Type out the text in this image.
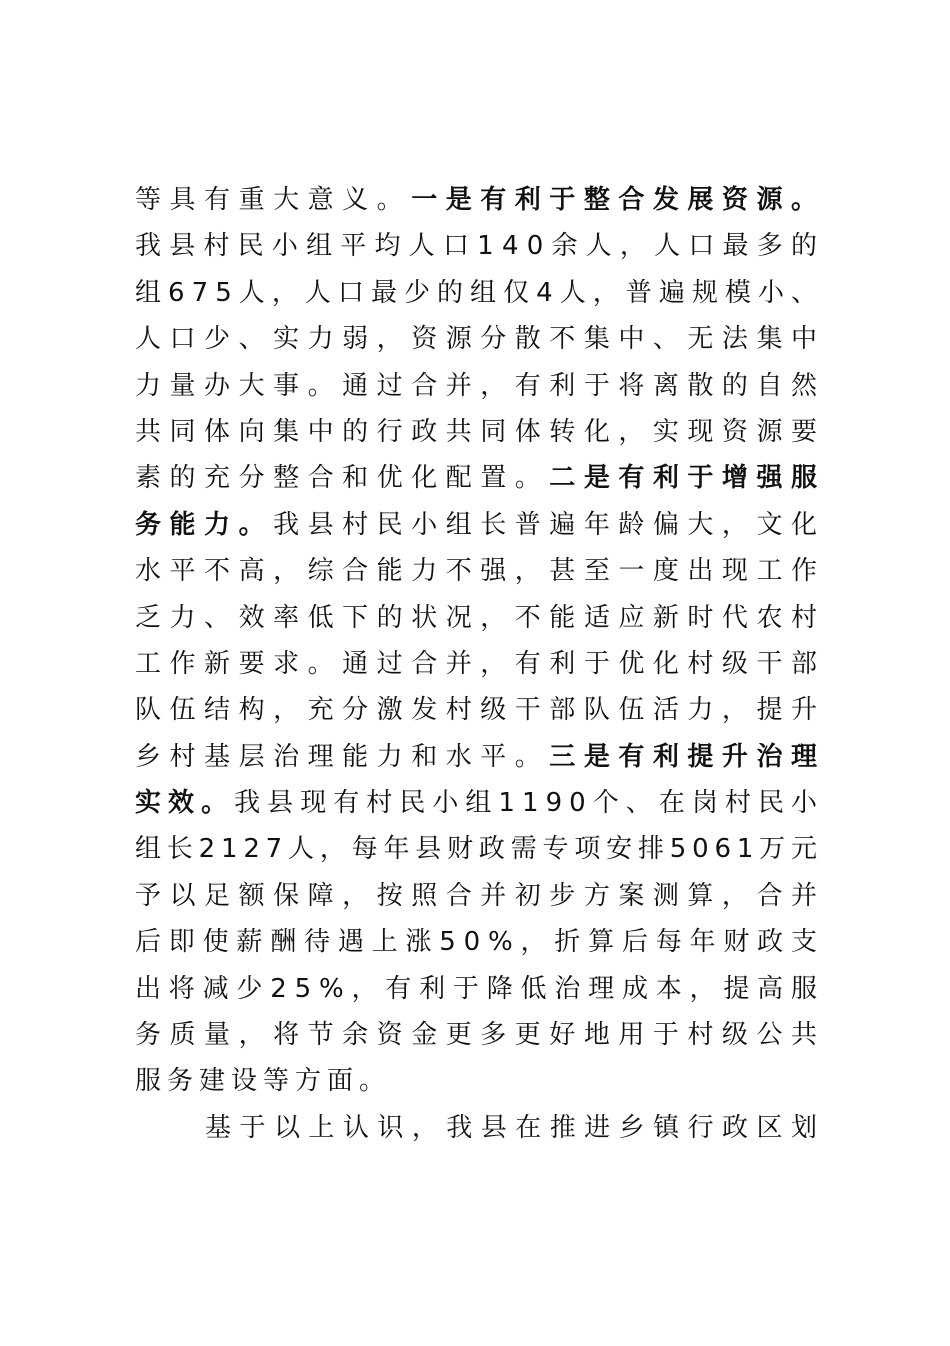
等具有重大意义。一是有利于整合发展资源。
我县村民小组平均人口140余人，人口最多的
组675人，人口最少的组仅4人，普遍规模小、
人口少、实力弱，资源分散不集中、无法集中
力量办大事。通过合并，有利于将离散的自然
共同体向集中的行政共同体转化，实现资源要
素的充分整合和优化配置。二是有利于增强服
务能力。我县村民小组长普遍年龄偏大，文化
水平不高，综合能力不强，甚至一度出现工作
乏力、效率低下的状况，不能适应新时代农村
工作新要求。通过合并，有利于优化村级干部
队伍结构，充分激发村级干部队伍活力，提升
乡村基层治理能力和水平。三是有利提升治理
实效。我县现有村民小组1190个、在岗村民小
组长2127人，每年县财政需专项安排5061万元
予以足额保障，按照合并初步方案测算，合并
后即使薪酬待遇上涨50%，折算后每年财政支
出将减少25%，有利于降低治理成本，提高服
务质量，将节余资金更多更好地用于村级公共
服务建设等方面。
基于以上认识，我县在推进乡镇行政区划
